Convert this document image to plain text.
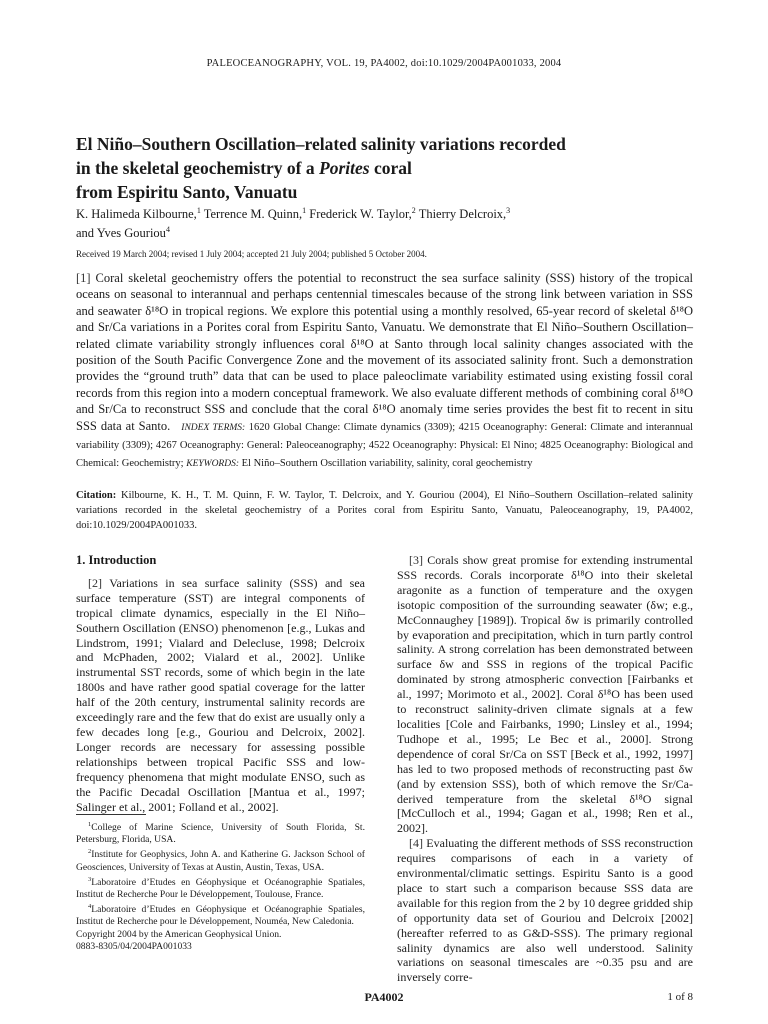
PALEOCEANOGRAPHY, VOL. 19, PA4002, doi:10.1029/2004PA001033, 2004
El Niño–Southern Oscillation–related salinity variations recorded
in the skeletal geochemistry of a Porites coral
from Espiritu Santo, Vanuatu
K. Halimeda Kilbourne,$^1$ Terrence M. Quinn,$^1$ Frederick W. Taylor,$^2$ Thierry Delcroix,$^3$
and Yves Gouriou$^4$
Received 19 March 2004; revised 1 July 2004; accepted 21 July 2004; published 5 October 2004.
[1] Coral skeletal geochemistry offers the potential to reconstruct the sea surface salinity (SSS) history of the tropical oceans on seasonal to interannual and perhaps centennial timescales because of the strong link between variation in SSS and seawater δ¹⁸O in tropical regions. We explore this potential using a monthly resolved, 65-year record of skeletal δ¹⁸O and Sr/Ca variations in a Porites coral from Espiritu Santo, Vanuatu. We demonstrate that El Niño–Southern Oscillation–related climate variability strongly influences coral δ¹⁸O at Santo through local salinity changes associated with the position of the South Pacific Convergence Zone and the movement of its associated salinity front. Such a demonstration provides the “ground truth” data that can be used to place paleoclimate variability estimated using existing fossil coral records from this region into a modern conceptual framework. We also evaluate different methods of combining coral δ¹⁸O and Sr/Ca to reconstruct SSS and conclude that the coral δ¹⁸O anomaly time series provides the best fit to recent in situ SSS data at Santo. INDEX TERMS: 1620 Global Change: Climate dynamics (3309); 4215 Oceanography: General: Climate and interannual variability (3309); 4267 Oceanography: General: Paleoceanography; 4522 Oceanography: Physical: El Nino; 4825 Oceanography: Biological and Chemical: Geochemistry; KEYWORDS: El Niño–Southern Oscillation variability, salinity, coral geochemistry
Citation: Kilbourne, K. H., T. M. Quinn, F. W. Taylor, T. Delcroix, and Y. Gouriou (2004), El Niño–Southern Oscillation–related salinity variations recorded in the skeletal geochemistry of a Porites coral from Espiritu Santo, Vanuatu, Paleoceanography, 19, PA4002, doi:10.1029/2004PA001033.
1. Introduction

[2] Variations in sea surface salinity (SSS) and sea surface temperature (SST) are integral components of tropical climate dynamics, especially in the El Niño–Southern Oscillation (ENSO) phenomenon [e.g., Lukas and Lindstrom, 1991; Vialard and Delecluse, 1998; Delcroix and McPhaden, 2002; Vialard et al., 2002]. Unlike instrumental SST records, some of which begin in the late 1800s and have rather good spatial coverage for the latter half of the 20th century, instrumental salinity records are exceedingly rare and the few that do exist are usually only a few decades long [e.g., Gouriou and Delcroix, 2002]. Longer records are necessary for assessing possible relationships between tropical Pacific SSS and low-frequency phenomena that might modulate ENSO, such as the Pacific Decadal Oscillation [Mantua et al., 1997; Salinger et al., 2001; Folland et al., 2002].

$^1$College of Marine Science, University of South Florida, St. Petersburg, Florida, USA.

$^2$Institute for Geophysics, John A. and Katherine G. Jackson School of Geosciences, University of Texas at Austin, Austin, Texas, USA.

$^3$Laboratoire d’Etudes en Géophysique et Océanographie Spatiales, Institut de Recherche Pour le Développement, Toulouse, France.

$^4$Laboratoire d’Etudes en Géophysique et Océanographie Spatiales, Institut de Recherche pour le Développement, Nouméa, New Caledonia.

Copyright 2004 by the American Geophysical Union.
0883-8305/04/2004PA001033

[3] Corals show great promise for extending instrumental SSS records. Corals incorporate δ¹⁸O into their skeletal aragonite as a function of temperature and the oxygen isotopic composition of the surrounding seawater (δw; e.g., McConnaughey [1989]). Tropical δw is primarily controlled by evaporation and precipitation, which in turn partly control salinity. A strong correlation has been demonstrated between surface δw and SSS in regions of the tropical Pacific dominated by strong atmospheric convection [Fairbanks et al., 1997; Morimoto et al., 2002]. Coral δ¹⁸O has been used to reconstruct salinity-driven climate signals at a few localities [Cole and Fairbanks, 1990; Linsley et al., 1994; Tudhope et al., 1995; Le Bec et al., 2000]. Strong dependence of coral Sr/Ca on SST [Beck et al., 1992, 1997] has led to two proposed methods of reconstructing past δw (and by extension SSS), both of which remove the Sr/Ca-derived temperature from the skeletal δ¹⁸O signal [McCulloch et al., 1994; Gagan et al., 1998; Ren et al., 2002].

[4] Evaluating the different methods of SSS reconstruction requires comparisons of each in a variety of environmental/climatic settings. Espiritu Santo is a good place to start such a comparison because SSS data are available for this region from the 2 by 10 degree gridded ship of opportunity data set of Gouriou and Delcroix [2002] (hereafter referred to as G&D-SSS). The primary regional salinity dynamics are also well understood. Salinity variations on seasonal timescales are ~0.35 psu and are inversely corre-

PA4002	1 of 8
